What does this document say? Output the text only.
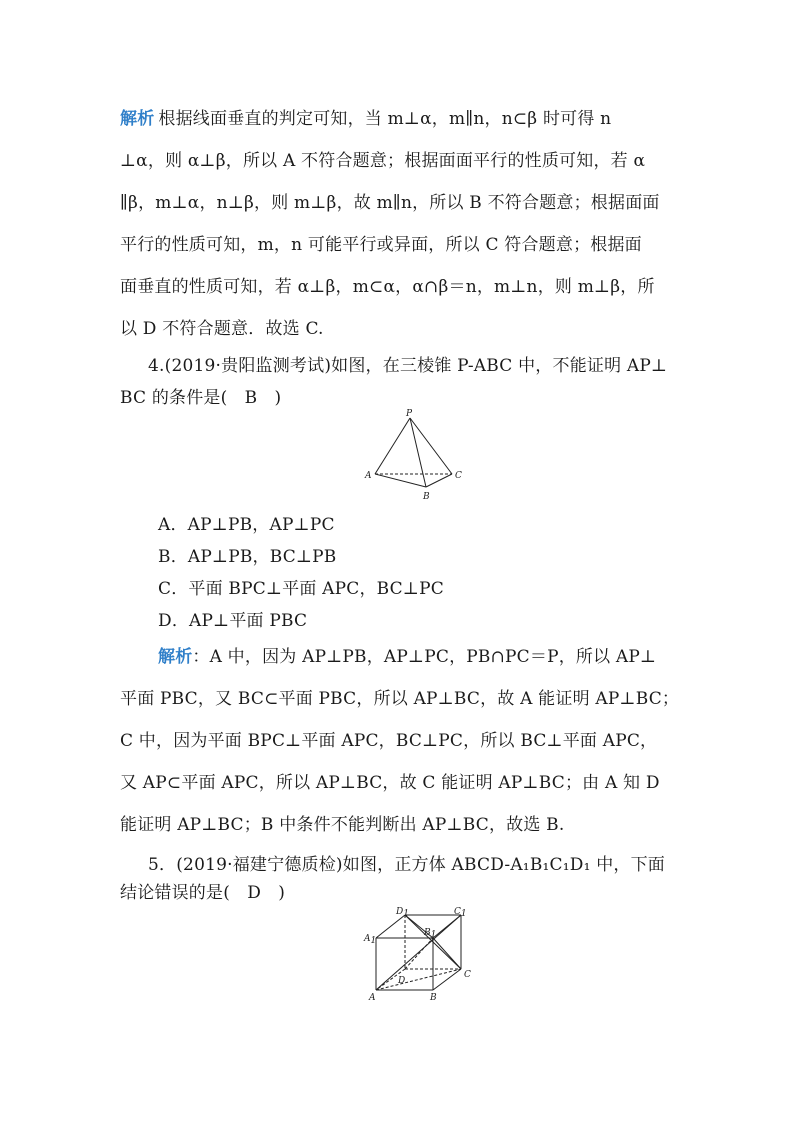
解析 根据线面垂直的判定可知，当 m⊥α，m∥n，n⊂β 时可得 n
⊥α，则 α⊥β，所以 A 不符合题意；根据面面平行的性质可知，若 α
∥β，m⊥α，n⊥β，则 m⊥β，故 m∥n，所以 B 不符合题意；根据面面
平行的性质可知，m，n 可能平行或异面，所以 C 符合题意；根据面
面垂直的性质可知，若 α⊥β，m⊂α，α∩β＝n，m⊥n，则 m⊥β，所
以 D 不符合题意．故选 C.
4.(2019·贵阳监测考试)如图，在三棱锥 P-ABC 中，不能证明 AP⊥
BC 的条件是(　B　)
P
A
B
C
A．AP⊥PB，AP⊥PC
B．AP⊥PB，BC⊥PB
C．平面 BPC⊥平面 APC，BC⊥PC
D．AP⊥平面 PBC
解析：A 中，因为 AP⊥PB，AP⊥PC，PB∩PC＝P，所以 AP⊥
平面 PBC，又 BC⊂平面 PBC，所以 AP⊥BC，故 A 能证明 AP⊥BC；
C 中，因为平面 BPC⊥平面 APC，BC⊥PC，所以 BC⊥平面 APC，
又 AP⊂平面 APC，所以 AP⊥BC，故 C 能证明 AP⊥BC；由 A 知 D
能证明 AP⊥BC；B 中条件不能判断出 AP⊥BC，故选 B.
5．(2019·福建宁德质检)如图，正方体 ABCD-A₁B₁C₁D₁ 中，下面
结论错误的是(　D　)
D1	C1
A1
B1
D
C
A	B
